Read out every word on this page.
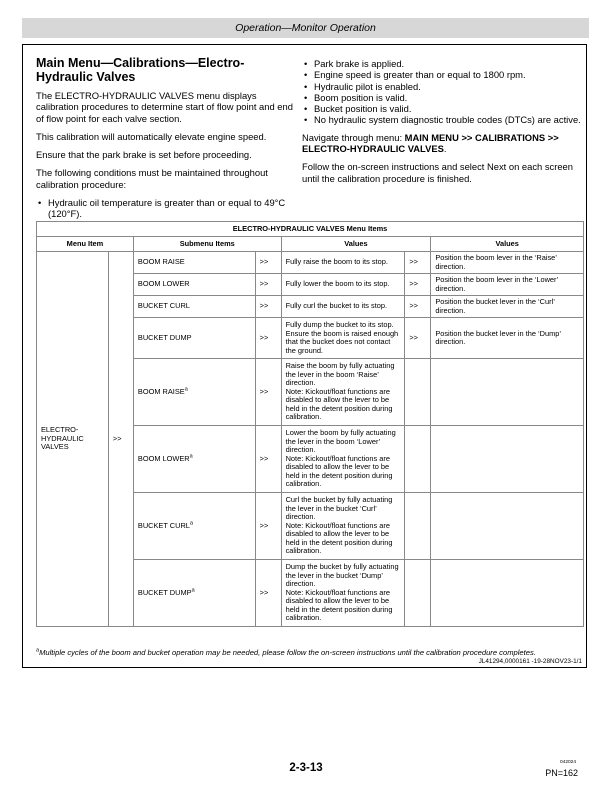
Operation—Monitor Operation
Main Menu—Calibrations—Electro-Hydraulic Valves

The ELECTRO-HYDRAULIC VALVES menu displays calibration procedures to determine start of flow point and end of flow point for each valve section.

This calibration will automatically elevate engine speed.

Ensure that the park brake is set before proceeding.

The following conditions must be maintained throughout calibration procedure:

• Hydraulic oil temperature is greater than or equal to 49°C (120°F).
• Park brake is applied.
• Engine speed is greater than or equal to 1800 rpm.
• Hydraulic pilot is enabled.
• Boom position is valid.
• Bucket position is valid.
• No hydraulic system diagnostic trouble codes (DTCs) are active.

Navigate through menu: MAIN MENU >> CALIBRATIONS >> ELECTRO-HYDRAULIC VALVES.

Follow the on-screen instructions and select Next on each screen until the calibration procedure is finished.

ELECTRO-HYDRAULIC VALVES Menu Items						
Menu Item		Submenu Items		Values		Values
ELECTRO-HYDRAULIC VALVES	>>	BOOM RAISE	>>	Fully raise the boom to its stop.	>>	Position the boom lever in the ‘Raise’ direction.
		BOOM LOWER	>>	Fully lower the boom to its stop.	>>	Position the boom lever in the ‘Lower’ direction.
		BUCKET CURL	>>	Fully curl the bucket to its stop.	>>	Position the bucket lever in the ‘Curl’ direction.
		BUCKET DUMP	>>	Fully dump the bucket to its stop. Ensure the boom is raised enough that the bucket does not contact the ground.	>>	Position the bucket lever in the ‘Dump’ direction.
		BOOM $RAISE^a$	>>	Raise the boom by fully actuating the lever in the boom ‘Raise’ direction.
Note: Kickout/float functions are disabled to allow the lever to be held in the detent position during calibration.		
		BOOM $LOWER^a$	>>	Lower the boom by fully actuating the lever in the boom ‘Lower’ direction.
Note: Kickout/float functions are disabled to allow the lever to be held in the detent position during calibration.		
		BUCKET $CURL^a$	>>	Curl the bucket by fully actuating the lever in the bucket ‘Curl’ direction.
Note: Kickout/float functions are disabled to allow the lever to be held in the detent position during calibration.		
		BUCKET $DUMP^a$	>>	Dump the bucket by fully actuating the lever in the bucket ‘Dump’ direction.
Note: Kickout/float functions are disabled to allow the lever to be held in the detent position during calibration.		
$^a$Multiple cycles of the boom and bucket operation may be needed, please follow the on-screen instructions until the calibration procedure completes.
JL41294,0000161 -19-28NOV23-1/1
2-3-13	042024
PN=162
